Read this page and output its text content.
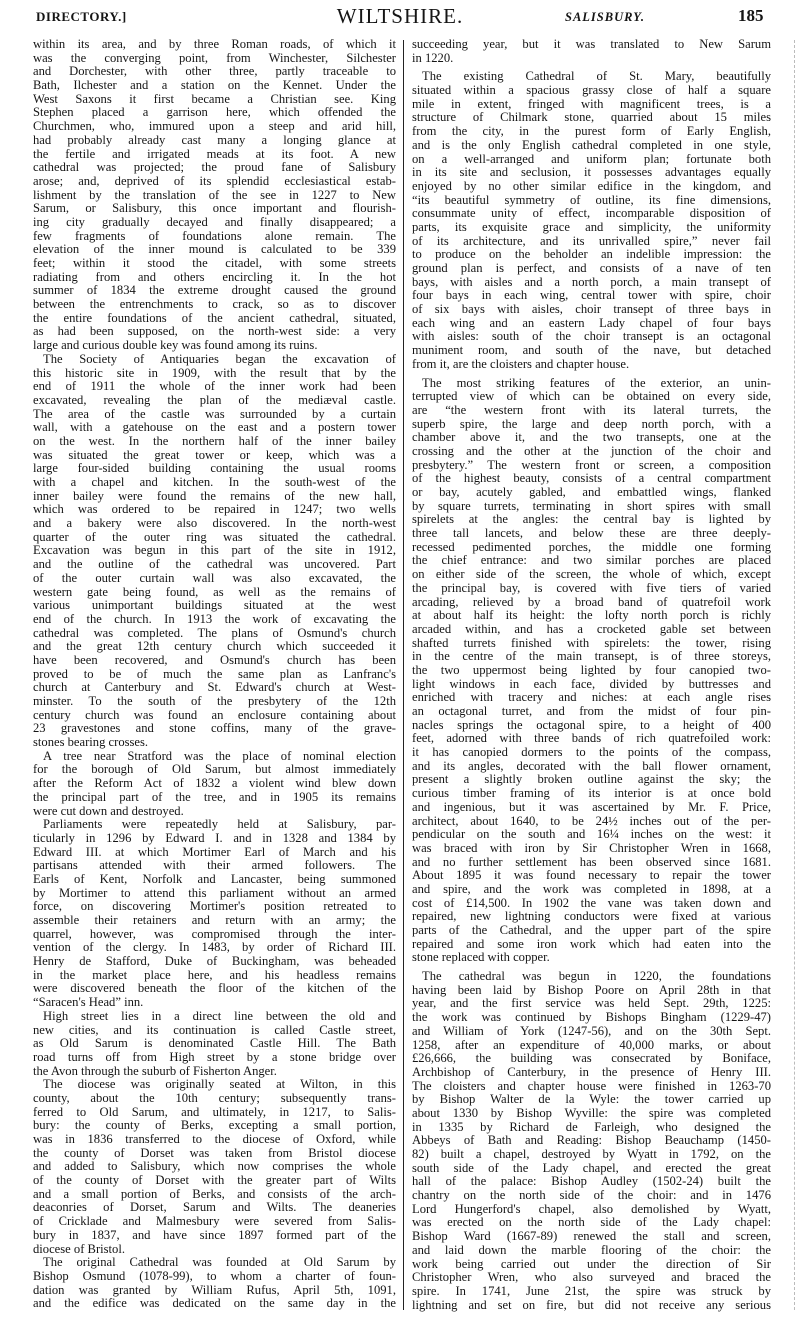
DIRECTORY.]	WILTSHIRE.	SALISBURY.	185
within its area, and by three Roman roads, of which it
was the converging point, from Winchester, Silchester
and Dorchester, with other three, partly traceable to
Bath, Ilchester and a station on the Kennet. Under the
West Saxons it first became a Christian see. King
Stephen placed a garrison here, which offended the
Churchmen, who, immured upon a steep and arid hill,
had probably already cast many a longing glance at
the fertile and irrigated meads at its foot. A new
cathedral was projected; the proud fane of Salisbury
arose; and, deprived of its splendid ecclesiastical estab-
lishment by the translation of the see in 1227 to New
Sarum, or Salisbury, this once important and flourish-
ing city gradually decayed and finally disappeared; a
few fragments of foundations alone remain. The
elevation of the inner mound is calculated to be 339
feet; within it stood the citadel, with some streets
radiating from and others encircling it. In the hot
summer of 1834 the extreme drought caused the ground
between the entrenchments to crack, so as to discover
the entire foundations of the ancient cathedral, situated,
as had been supposed, on the north-west side: a very
large and curious double key was found among its ruins.
The Society of Antiquaries began the excavation of
this historic site in 1909, with the result that by the
end of 1911 the whole of the inner work had been
excavated, revealing the plan of the mediæval castle.
The area of the castle was surrounded by a curtain
wall, with a gatehouse on the east and a postern tower
on the west. In the northern half of the inner bailey
was situated the great tower or keep, which was a
large four-sided building containing the usual rooms
with a chapel and kitchen. In the south-west of the
inner bailey were found the remains of the new hall,
which was ordered to be repaired in 1247; two wells
and a bakery were also discovered. In the north-west
quarter of the outer ring was situated the cathedral.
Excavation was begun in this part of the site in 1912,
and the outline of the cathedral was uncovered. Part
of the outer curtain wall was also excavated, the
western gate being found, as well as the remains of
various unimportant buildings situated at the west
end of the church. In 1913 the work of excavating the
cathedral was completed. The plans of Osmund's church
and the great 12th century church which succeeded it
have been recovered, and Osmund's church has been
proved to be of much the same plan as Lanfranc's
church at Canterbury and St. Edward's church at West-
minster. To the south of the presbytery of the 12th
century church was found an enclosure containing about
23 gravestones and stone coffins, many of the grave-
stones bearing crosses.
A tree near Stratford was the place of nominal election
for the borough of Old Sarum, but almost immediately
after the Reform Act of 1832 a violent wind blew down
the principal part of the tree, and in 1905 its remains
were cut down and destroyed.
Parliaments were repeatedly held at Salisbury, par-
ticularly in 1296 by Edward I. and in 1328 and 1384 by
Edward III. at which Mortimer Earl of March and his
partisans attended with their armed followers. The
Earls of Kent, Norfolk and Lancaster, being summoned
by Mortimer to attend this parliament without an armed
force, on discovering Mortimer's position retreated to
assemble their retainers and return with an army; the
quarrel, however, was compromised through the inter-
vention of the clergy. In 1483, by order of Richard III.
Henry de Stafford, Duke of Buckingham, was beheaded
in the market place here, and his headless remains
were discovered beneath the floor of the kitchen of the
“Saracen's Head” inn.
High street lies in a direct line between the old and
new cities, and its continuation is called Castle street,
as Old Sarum is denominated Castle Hill. The Bath
road turns off from High street by a stone bridge over
the Avon through the suburb of Fisherton Anger.
The diocese was originally seated at Wilton, in this
county, about the 10th century; subsequently trans-
ferred to Old Sarum, and ultimately, in 1217, to Salis-
bury: the county of Berks, excepting a small portion,
was in 1836 transferred to the diocese of Oxford, while
the county of Dorset was taken from Bristol diocese
and added to Salisbury, which now comprises the whole
of the county of Dorset with the greater part of Wilts
and a small portion of Berks, and consists of the arch-
deaconries of Dorset, Sarum and Wilts. The deaneries
of Cricklade and Malmesbury were severed from Salis-
bury in 1837, and have since 1897 formed part of the
diocese of Bristol.
The original Cathedral was founded at Old Sarum by
Bishop Osmund (1078-99), to whom a charter of foun-
dation was granted by William Rufus, April 5th, 1091,
and the edifice was dedicated on the same day in the
succeeding year, but it was translated to New Sarum
in 1220.
The existing Cathedral of St. Mary, beautifully
situated within a spacious grassy close of half a square
mile in extent, fringed with magnificent trees, is a
structure of Chilmark stone, quarried about 15 miles
from the city, in the purest form of Early English,
and is the only English cathedral completed in one style,
on a well-arranged and uniform plan; fortunate both
in its site and seclusion, it possesses advantages equally
enjoyed by no other similar edifice in the kingdom, and
“its beautiful symmetry of outline, its fine dimensions,
consummate unity of effect, incomparable disposition of
parts, its exquisite grace and simplicity, the uniformity
of its architecture, and its unrivalled spire,” never fail
to produce on the beholder an indelible impression: the
ground plan is perfect, and consists of a nave of ten
bays, with aisles and a north porch, a main transept of
four bays in each wing, central tower with spire, choir
of six bays with aisles, choir transept of three bays in
each wing and an eastern Lady chapel of four bays
with aisles: south of the choir transept is an octagonal
muniment room, and south of the nave, but detached
from it, are the cloisters and chapter house.
The most striking features of the exterior, an unin-
terrupted view of which can be obtained on every side,
are “the western front with its lateral turrets, the
superb spire, the large and deep north porch, with a
chamber above it, and the two transepts, one at the
crossing and the other at the junction of the choir and
presbytery.” The western front or screen, a composition
of the highest beauty, consists of a central compartment
or bay, acutely gabled, and embattled wings, flanked
by square turrets, terminating in short spires with small
spirelets at the angles: the central bay is lighted by
three tall lancets, and below these are three deeply-
recessed pedimented porches, the middle one forming
the chief entrance: and two similar porches are placed
on either side of the screen, the whole of which, except
the principal bay, is covered with five tiers of varied
arcading, relieved by a broad band of quatrefoil work
at about half its height: the lofty north porch is richly
arcaded within, and has a crocketed gable set between
shafted turrets finished with spirelets: the tower, rising
in the centre of the main transept, is of three storeys,
the two uppermost being lighted by four canopied two-
light windows in each face, divided by buttresses and
enriched with tracery and niches: at each angle rises
an octagonal turret, and from the midst of four pin-
nacles springs the octagonal spire, to a height of 400
feet, adorned with three bands of rich quatrefoiled work:
it has canopied dormers to the points of the compass,
and its angles, decorated with the ball flower ornament,
present a slightly broken outline against the sky; the
curious timber framing of its interior is at once bold
and ingenious, but it was ascertained by Mr. F. Price,
architect, about 1640, to be 24½ inches out of the per-
pendicular on the south and 16¼ inches on the west: it
was braced with iron by Sir Christopher Wren in 1668,
and no further settlement has been observed since 1681.
About 1895 it was found necessary to repair the tower
and spire, and the work was completed in 1898, at a
cost of £14,500. In 1902 the vane was taken down and
repaired, new lightning conductors were fixed at various
parts of the Cathedral, and the upper part of the spire
repaired and some iron work which had eaten into the
stone replaced with copper.
The cathedral was begun in 1220, the foundations
having been laid by Bishop Poore on April 28th in that
year, and the first service was held Sept. 29th, 1225:
the work was continued by Bishops Bingham (1229-47)
and William of York (1247-56), and on the 30th Sept.
1258, after an expenditure of 40,000 marks, or about
£26,666, the building was consecrated by Boniface,
Archbishop of Canterbury, in the presence of Henry III.
The cloisters and chapter house were finished in 1263-70
by Bishop Walter de la Wyle: the tower carried up
about 1330 by Bishop Wyville: the spire was completed
in 1335 by Richard de Farleigh, who designed the
Abbeys of Bath and Reading: Bishop Beauchamp (1450-
82) built a chapel, destroyed by Wyatt in 1792, on the
south side of the Lady chapel, and erected the great
hall of the palace: Bishop Audley (1502-24) built the
chantry on the north side of the choir: and in 1476
Lord Hungerford's chapel, also demolished by Wyatt,
was erected on the north side of the Lady chapel:
Bishop Ward (1667-89) renewed the stall and screen,
and laid down the marble flooring of the choir: the
work being carried out under the direction of Sir
Christopher Wren, who also surveyed and braced the
spire. In 1741, June 21st, the spire was struck by
lightning and set on fire, but did not receive any serious
